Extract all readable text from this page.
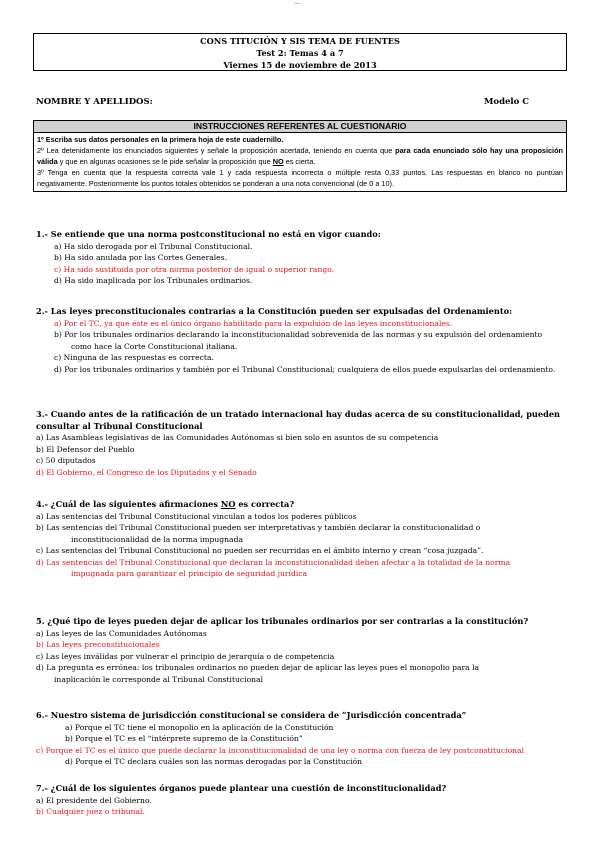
—
CONS TITUCIÓN Y SIS TEMA DE FUENTES
Test 2: Temas 4 a 7
Viernes 15 de noviembre de 2013
NOMBRE Y APELLIDOS:	Modelo C
INSTRUCCIONES REFERENTES AL CUESTIONARIO

1º Escriba sus datos personales en la primera hoja de este cuadernillo.

2º Lea detenidamente los enunciados siguientes y señale la proposición acertada, teniendo en cuenta que para cada enunciado sólo hay una proposición válida y que en algunas ocasiones se le pide señalar la proposición que NO es cierta.

3º Tenga en cuenta que la respuesta correcta vale 1 y cada respuesta incorrecta o múltiple resta 0,33 puntos. Las respuestas en blanco no puntúan negativamente. Posteriormente los puntos totales obtenidos se ponderan a una nota convencional (de 0 a 10).

1.- Se entiende que una norma postconstitucional no está en vigor cuando:
a) Ha sido derogada por el Tribunal Constitucional.
b) Ha sido anulada por las Cortes Generales.
c) Ha sido sustituida por otra norma posterior de igual o superior rango.
d) Ha sido inaplicada por los Tribunales ordinarios.
2.- Las leyes preconstitucionales contrarias a la Constitución pueden ser expulsadas del Ordenamiento:
a) Por el TC, ya que éste es el único órgano habilitado para la expulsión de las leyes inconstitucionales.
b) Por los tribunales ordinarios declarando la inconstitucionalidad sobrevenida de las normas y su expulsión del ordenamiento como hace la Corte Constitucional italiana.
c) Ninguna de las respuestas es correcta.
d) Por los tribunales ordinarios y también por el Tribunal Constitucional; cualquiera de ellos puede expulsarlas del ordenamiento.
3.- Cuando antes de la ratificación de un tratado internacional hay dudas acerca de su constitucionalidad, pueden consultar al Tribunal Constitucional
a) Las Asambleas legislativas de las Comunidades Autónomas si bien solo en asuntos de su competencia
b) El Defensor del Pueblo
c) 50 diputados
d) El Gobierno, el Congreso de los Diputados y el Senado
4.- ¿Cuál de las siguientes afirmaciones NO es correcta?
a) Las sentencias del Tribunal Constitucional vinculan a todos los poderes públicos
b) Las sentencias del Tribunal Constitucional pueden ser interpretativas y también declarar la constitucionalidad o inconstitucionalidad de la norma impugnada
c) Las sentencias del Tribunal Constitucional no pueden ser recurridas en el ámbito interno y crean “cosa juzgada”.
d) Las sentencias del Tribunal Constitucional que declaran la inconstitucionalidad deben afectar a la totalidad de la norma impugnada para garantizar el principio de seguridad jurídica
5. ¿Qué tipo de leyes pueden dejar de aplicar los tribunales ordinarios por ser contrarias a la constitución?
a) Las leyes de las Comunidades Autónomas
b) Las leyes preconstitucionales
c) Las leyes inválidas por vulnerar el principio de jerarquía o de competencia
d) La pregunta es errónea: los tribunales ordinarios no pueden dejar de aplicar las leyes pues el monopolio para la inaplicación le corresponde al Tribunal Constitucional
6.- Nuestro sistema de jurisdicción constitucional se considera de “Jurisdicción concentrada”
a) Porque el TC tiene el monopolio en la aplicación de la Constitución
b) Porque el TC es el “intérprete supremo de la Constitución”
c) Porque el TC es el único que puede declarar la inconstitucionalidad de una ley o norma con fuerza de ley postconstitucional
d) Porque el TC declara cuáles son las normas derogadas por la Constitución
7.- ¿Cuál de los siguientes órganos puede plantear una cuestión de inconstitucionalidad?
a) El presidente del Gobierno.
b) Cualquier juez o tribunal.
